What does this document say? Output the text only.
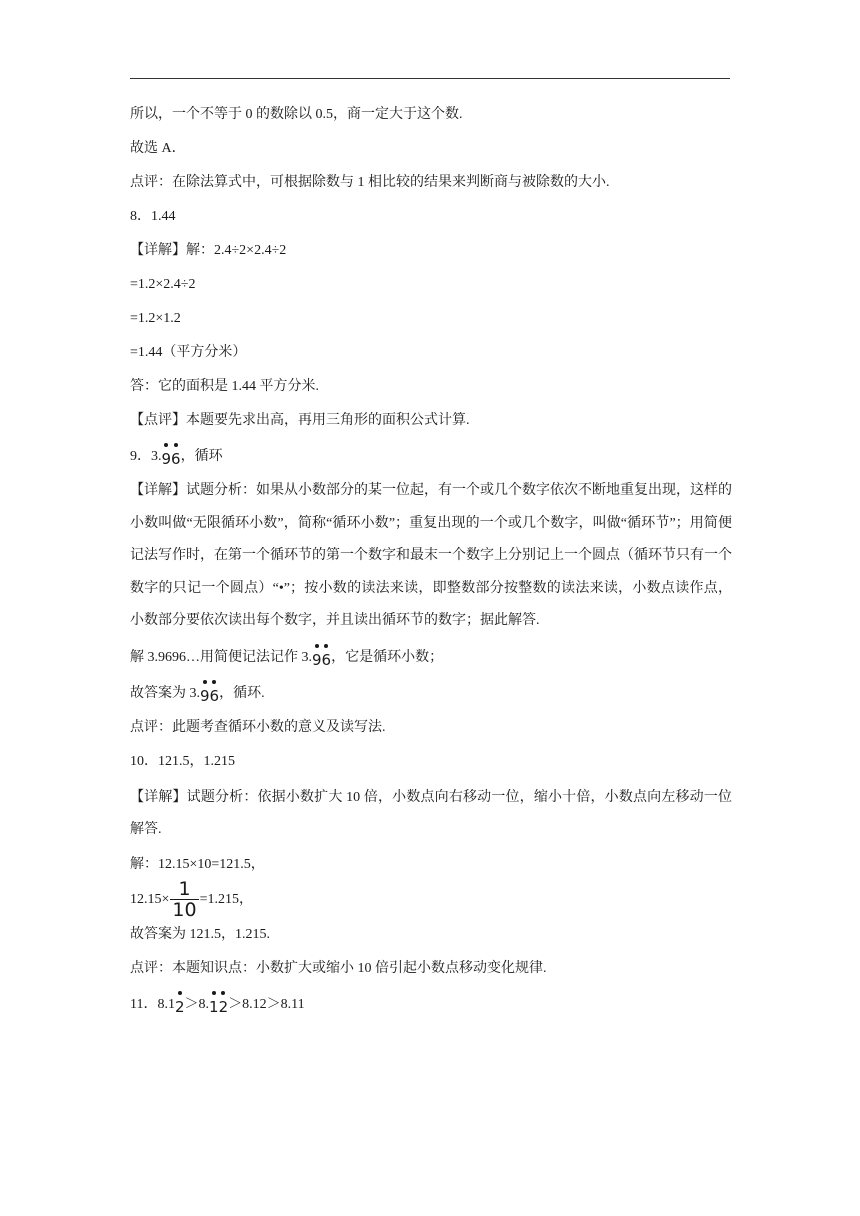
所以，一个不等于 0 的数除以 0.5，商一定大于这个数.
故选 A．
点评：在除法算式中，可根据除数与 1 相比较的结果来判断商与被除数的大小.
8．1.44
【详解】解：2.4÷2×2.4÷2
=1.2×2.4÷2
=1.2×1.2
=1.44（平方分米）
答：它的面积是 1.44 平方分米.
【点评】本题要先求出高，再用三角形的面积公式计算.
9．3.96，循环
【详解】试题分析：如果从小数部分的某一位起，有一个或几个数字依次不断地重复出现，这样的小数叫做“无限循环小数”，简称“循环小数”；重复出现的一个或几个数字，叫做“循环节”；用简便记法写作时，在第一个循环节的第一个数字和最末一个数字上分别记上一个圆点（循环节只有一个数字的只记一个圆点）“•”；按小数的读法来读，即整数部分按整数的读法来读，小数点读作点，小数部分要依次读出每个数字，并且读出循环节的数字；据此解答.
解 3.9696…用简便记法记作 3.96，它是循环小数；
故答案为 3.96，循环.
点评：此题考查循环小数的意义及读写法.
10．121.5，1.215
【详解】试题分析：依据小数扩大 10 倍，小数点向右移动一位，缩小十倍，小数点向左移动一位解答.
解：12.15×10=121.5，
$12.15\times \frac{1}{10} =1.215$，
故答案为 121.5，1.215.
点评：本题知识点：小数扩大或缩小 10 倍引起小数点移动变化规律.
11．8.12＞8.12＞8.12＞8.11
